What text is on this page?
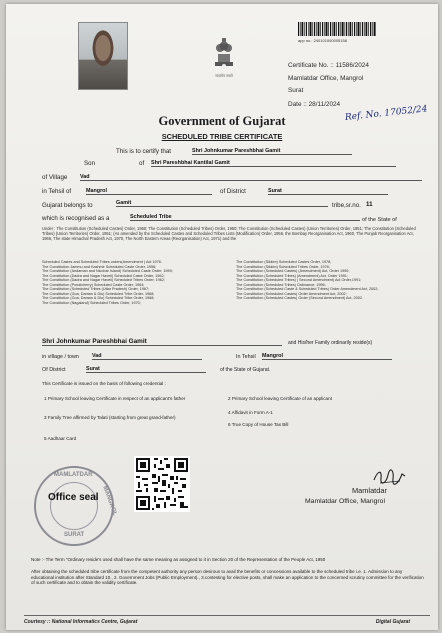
सत्यमेव जयते
app no.: 240101000005158
Certificate No. :: 11586/2024
Mamlatdar Office, Mangrol
Surat
Date :: 28/11/2024 Ref. No. 17052/24
Government of Gujarat
SCHEDULED TRIBE CERTIFICATE
This is to certify that	Shri Johnkumar Pareshbhai Gamit
Son	of Shri Pareshbhai Kantilal Gamit
of Village Vad
in Tehsil of	Mangrol	of District	Surat
Gujarat belongs to	Gamit	tribe,sr.no. 11
which is recognised as a	Scheduled Tribe	of the State of
Under : The Constitution (Scheduled Castes) Order, 1950; The Constitution (Scheduled Tribes) Order, 1950; The Constitution (Scheduled Castes) (Union Territories) Order, 1951; The Constitution (Scheduled Tribes) (Union Territories) Order, 1951; (As amended by the Scheduled Castes and Scheduled Tribes Lists (Modification) Order, 1956, the Bombay Reorganisation Act, 1960, The Punjab Reorganisation Act, 1966, The state Himachal Pradesh Act, 1970, The North Eastern Areas (Reorganisation) Act, 1971) and the
Scheduled Castes and Scheduled Tribes orders(Amendment ) Act 1976.
The Constitution Jammu and Kashmir Scheduled Caste Order, 1956;
The Constitution (Andaman and Nicobar Island) Scheduled Caste Order, 1959;
The Constitution (Dadra and Nagar Haveli) Scheduled Caste Order, 1962;
The Constitution (Dadra and Nagar Haveli) Scheduled Tribes Order, 1962;
The Constitution (Pondicherry) Scheduled Caste Order, 1964;
The Constitution (Scheduled Tribes (Uttar Pradesh) Order, 1967;
The Constitution (Goa, Daman & Diu) Scheduled Tribe Order, 1968;
The Constitution (Goa, Daman & Diu) Scheduled Tribe Order, 1968;
The Constitution (Nagaland) Scheduled Tribes Order, 1970;
The Constitution (Sikkim) Scheduled Castes Order, 1978;
The Constitution (Sikkim) Scheduled Tribes Order, 1978;
The Constitution (Scheduled Castes) (Amendment) Act, Order 1990;
The Constitution (Scheduled Tribes) (Amendment) Act, Order 1991;
The Constitution (Scheduled Tribes) ( Second Amendment) Act Order,1991;
The Constitution (Scheduled Tribes) Ordinance; 1996;
The Constitution (Scheduled Caste & Scheduled Tribes) Order Amendment Act, 2002;
The Constitution (Scheduled Castes) Order Amendment Act, 2002;
The Constitution (Scheduled Castes) Order (Second Amendment) Act, 2002.
Shri Johnkumar Pareshbhai Gamit	and His/her Family ordinarily reside(s)
in village / town Vad	In Tehsil Mangrol
Of District	Surat	of the State of Gujarat.
This Certificate is issued on the basis of following credential :
1 Primary School leaving Certificate in respect of an applicant's father	2 Primary School leaving Certificate of an applicant
3 Family Tree affirmed by Talati (starting from great grand-father)
4 Affidavit in Form A-1
6 True Copy of House Tax Bill
5 Aadhaar Card
MAMLATDAR
MANGROL
SURAT
Office seal
Mamlatdar
Mamlatdar Office, Mangrol
Note :- The Term "Ordinary reside's used shall have the same meaning as assigned to it in Section 20 of the Representation of the People Act, 1950
After obtaining the scheduled tribe certificate from the competent authority any person desirous to avail the benefits or concessions available to the scheduled tribe i.e. 1. Admission to any educational institution after Standard 10., 2. Government Jobs (Public Employment)., 3.contesting for elective posts, shall make an application to the concerned scrutiny committee for the verification of such certificate and to obtain the validity certificate.
Courtesy :: National Informatics Centre, Gujarat	Digital Gujarat
